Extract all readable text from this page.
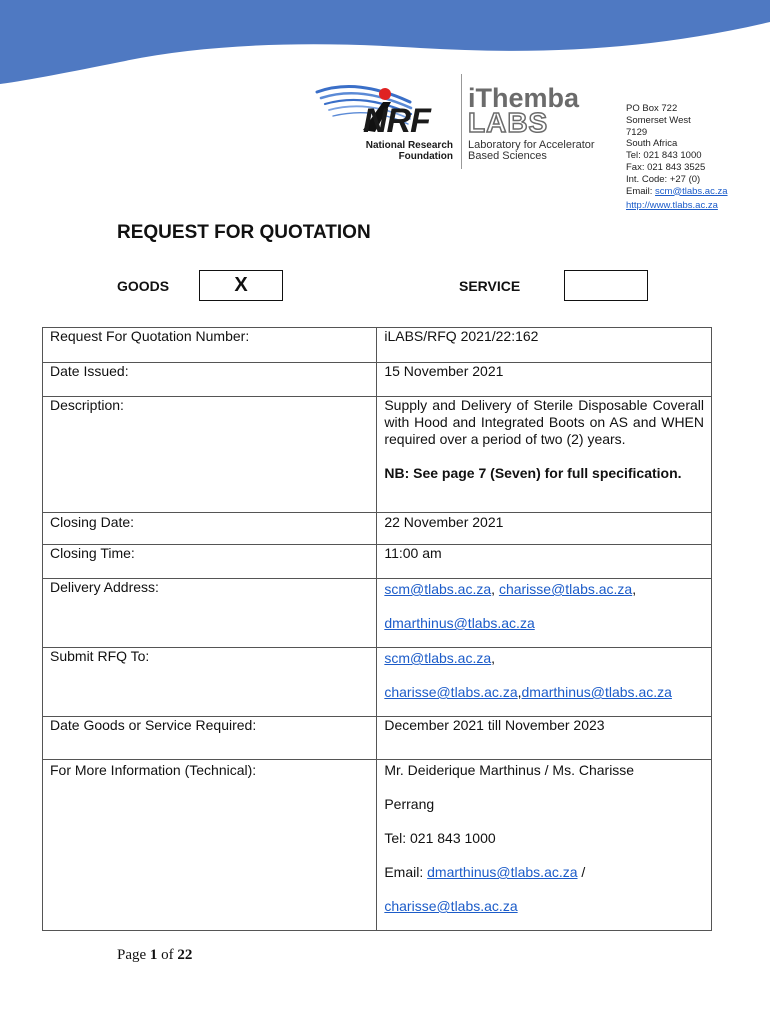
NRF
National Research
Foundation
iThemba
LABS
Laboratory for Accelerator
Based Sciences
PO Box 722
Somerset West
7129
South Africa
Tel: 021 843 1000
Fax: 021 843 3525
Int. Code: +27 (0)
Email: scm@tlabs.ac.za
http://www.tlabs.ac.za
REQUEST FOR QUOTATION
GOODS	X	SERVICE
Request For Quotation Number:	iLABS/RFQ 2021/22:162
Date Issued:	15 November 2021

Description:	Supply and Delivery of Sterile Disposable Coverall with Hood and Integrated Boots on AS and WHEN required over a period of two (2) years.
NB: See page 7 (Seven) for full specification.

Closing Date:	22 November 2021
Closing Time:	11:00 am
Delivery Address:	scm@tlabs.ac.za, charisse@tlabs.ac.za,

dmarthinus@tlabs.ac.za

Submit RFQ To:	scm@tlabs.ac.za,

charisse@tlabs.ac.za,dmarthinus@tlabs.ac.za

Date Goods or Service Required:	December 2021 till November 2023

For More Information (Technical):	Mr. Deiderique Marthinus / Ms. Charisse

Perrang

Tel: 021 843 1000

Email: dmarthinus@tlabs.ac.za /

charisse@tlabs.ac.za

Page 1 of 22
